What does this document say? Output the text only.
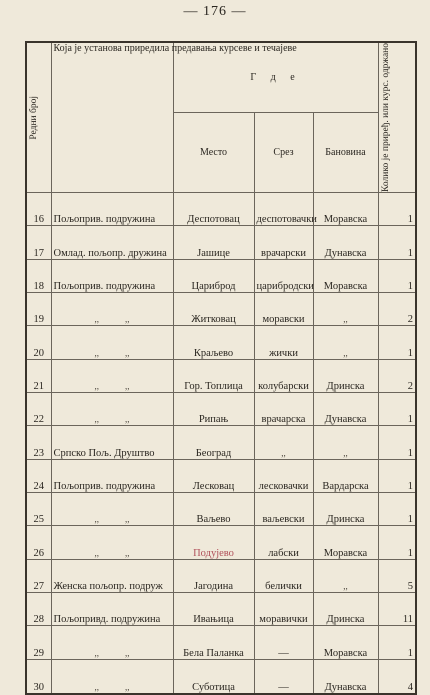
— 176 —
Редни број	Која је установа приредила предавања курсеве и течајеве	Г д е			Колико је приређ. или курс. одржано

		Место	Срез	Бановина	
16	Пољоприв. подружина	Деспотовац	деспотовачки	Моравска	1
17	Омлад. пољопр. дружина	Јашице	врачарски	Дунавска	1
18	Пољоприв. подружина	Цариброд	царибродски	Моравска	1
19	,, ,,	Житковац	моравски	,,	2
20	,, ,,	Краљево	жички	,,	1
21	,, ,,	Гор. Топлица	колубарски	Дринска	2
22	,, ,,	Рипањ	врачарска	Дунавска	1
23	Српско Пољ. Друштво	Београд	,,	,,	1
24	Пољоприв. подружина	Лесковац	лесковачки	Вардарска	1
25	,, ,,	Ваљево	ваљевски	Дринска	1
26	,, ,,	Подујево	лабски	Моравска	1
27	Женска пољопр. подруж	Јагодина	белички	,,	5
28	Пољопривд. подружина	Ивањица	моравички	Дринска	11
29	,, ,,	Бела Паланка	—	Моравска	1
30	,, ,,	Суботица	—	Дунавска	4
